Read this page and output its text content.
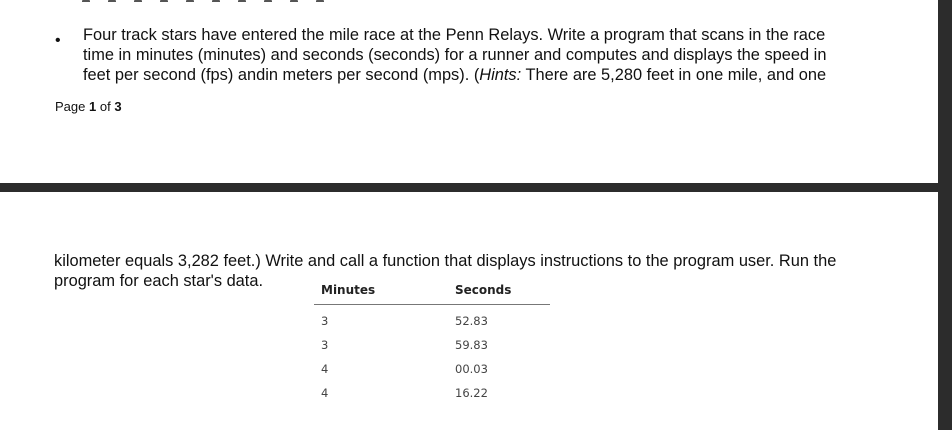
• Four track stars have entered the mile race at the Penn Relays. Write a program that scans in the race
time in minutes (minutes) and seconds (seconds) for a runner and computes and displays the speed in
feet per second (fps) andin meters per second (mps). (Hints: There are 5,280 feet in one mile, and one
Page 1 of 3
kilometer equals 3,282 feet.) Write and call a function that displays instructions to the program user. Run the
program for each star's data.	Minutes	Seconds
3	52.83
3	59.83
4	00.03
4	16.22
